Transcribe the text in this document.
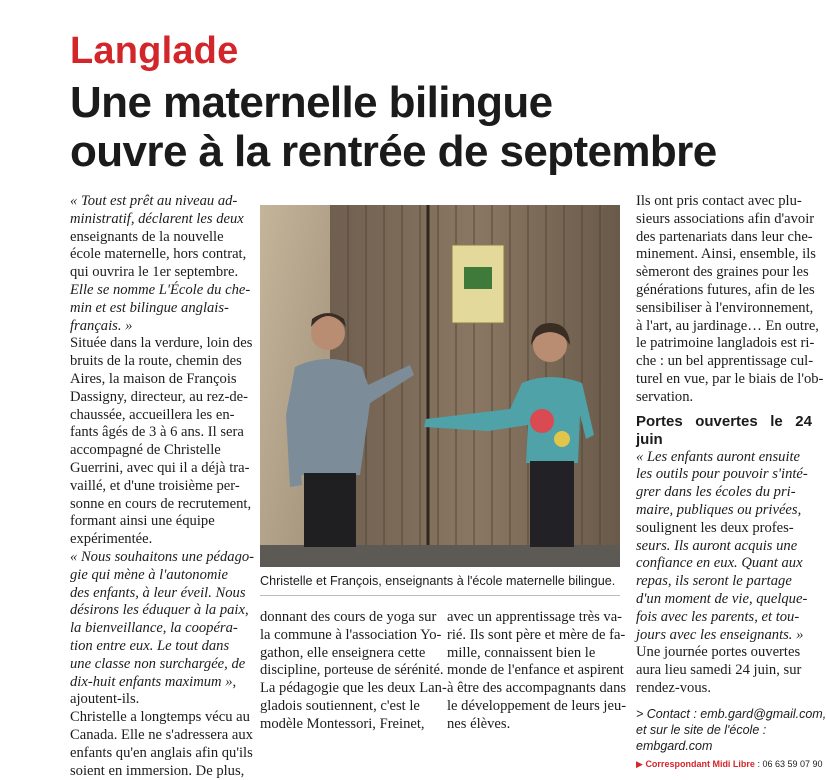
Langlade
Une maternelle bilingue
ouvre à la rentrée de septembre

« Tout est prêt au niveau ad-
ministratif, déclarent les deux
enseignants de la nouvelle
école maternelle, hors contrat,
qui ouvrira le 1er septembre.
Elle se nomme L'École du che-
min et est bilingue anglais-
français. »

Située dans la verdure, loin des
bruits de la route, chemin des
Aires, la maison de François
Dassigny, directeur, au rez-de-
chaussée, accueillera les en-
fants âgés de 3 à 6 ans. Il sera
accompagné de Christelle
Guerrini, avec qui il a déjà tra-
vaillé, et d'une troisième per-
sonne en cours de recrutement,
formant ainsi une équipe
expérimentée.

« Nous souhaitons une pédago-
gie qui mène à l'autonomie
des enfants, à leur éveil. Nous
désirons les éduquer à la paix,
la bienveillance, la coopéra-
tion entre eux. Le tout dans
une classe non surchargée, de
dix-huit enfants maximum »,
ajoutent-ils.

Christelle a longtemps vécu au
Canada. Elle ne s'adressera aux
enfants qu'en anglais afin qu'ils
soient en immersion. De plus,

Christelle et François, enseignants à l'école maternelle bilingue.

donnant des cours de yoga sur
la commune à l'association Yo-
gathon, elle enseignera cette
discipline, porteuse de sérénité.
La pédagogie que les deux Lan-
gladois soutiennent, c'est le
modèle Montessori, Freinet,

avec un apprentissage très va-
rié. Ils sont père et mère de fa-
mille, connaissent bien le
monde de l'enfance et aspirent
à être des accompagnants dans
le développement de leurs jeu-
nes élèves.

Ils ont pris contact avec plu-
sieurs associations afin d'avoir
des partenariats dans leur che-
minement. Ainsi, ensemble, ils
sèmeront des graines pour les
générations futures, afin de les
sensibiliser à l'environnement,
à l'art, au jardinage… En outre,
le patrimoine langladois est ri-
che : un bel apprentissage cul-
turel en vue, par le biais de l'ob-
servation.

Portes ouvertes le 24 juin

« Les enfants auront ensuite
les outils pour pouvoir s'inté-
grer dans les écoles du pri-
maire, publiques ou privées,
soulignent les deux profes-
seurs. Ils auront acquis une
confiance en eux. Quant aux
repas, ils seront le partage
d'un moment de vie, quelque-
fois avec les parents, et tou-
jours avec les enseignants. »

Une journée portes ouvertes
aura lieu samedi 24 juin, sur
rendez-vous.

> Contact : emb.gard@gmail.com,
et sur le site de l'école :
embgard.com
▶ Correspondant Midi Libre : 06 63 59 07 90
